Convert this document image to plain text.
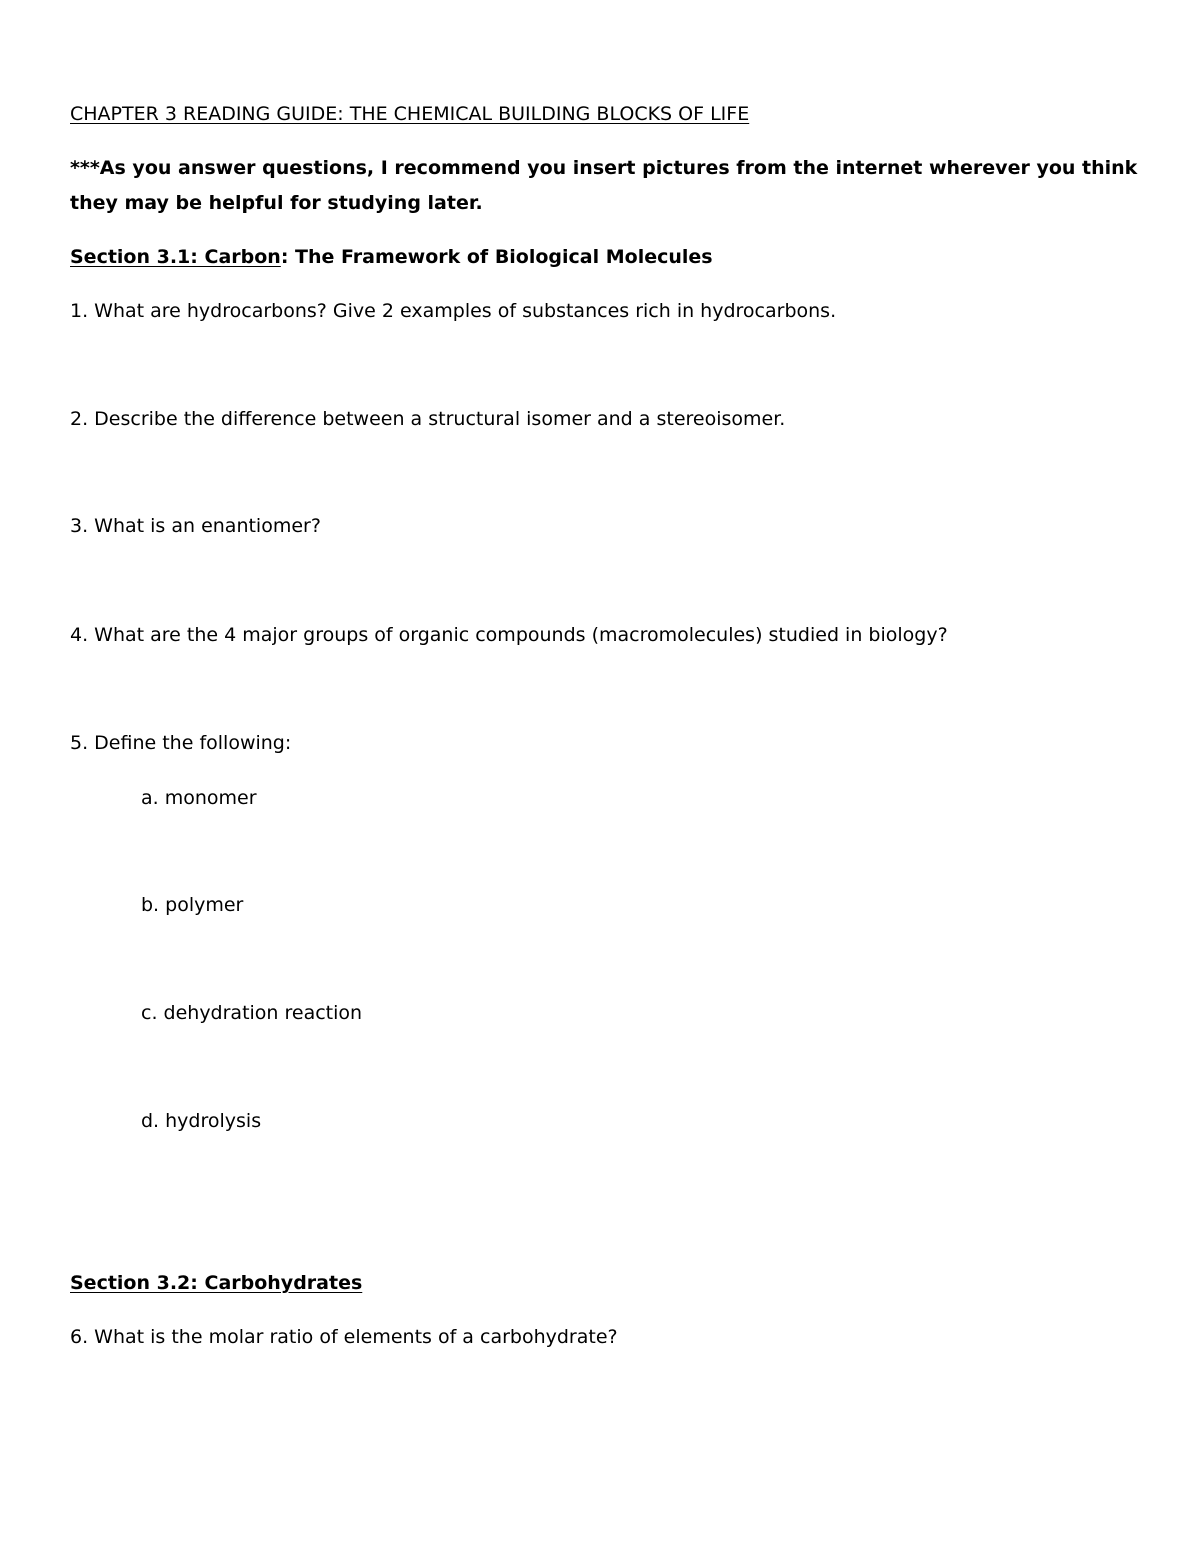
CHAPTER 3 READING GUIDE: THE CHEMICAL BUILDING BLOCKS OF LIFE
***As you answer questions, I recommend you insert pictures from the internet wherever you think
they may be helpful for studying later.
Section 3.1: Carbon: The Framework of Biological Molecules
1. What are hydrocarbons? Give 2 examples of substances rich in hydrocarbons.
2. Describe the difference between a structural isomer and a stereoisomer.
3. What is an enantiomer?
4. What are the 4 major groups of organic compounds (macromolecules) studied in biology?
5. Define the following:
a. monomer
b. polymer
c. dehydration reaction
d. hydrolysis
Section 3.2: Carbohydrates
6. What is the molar ratio of elements of a carbohydrate?
